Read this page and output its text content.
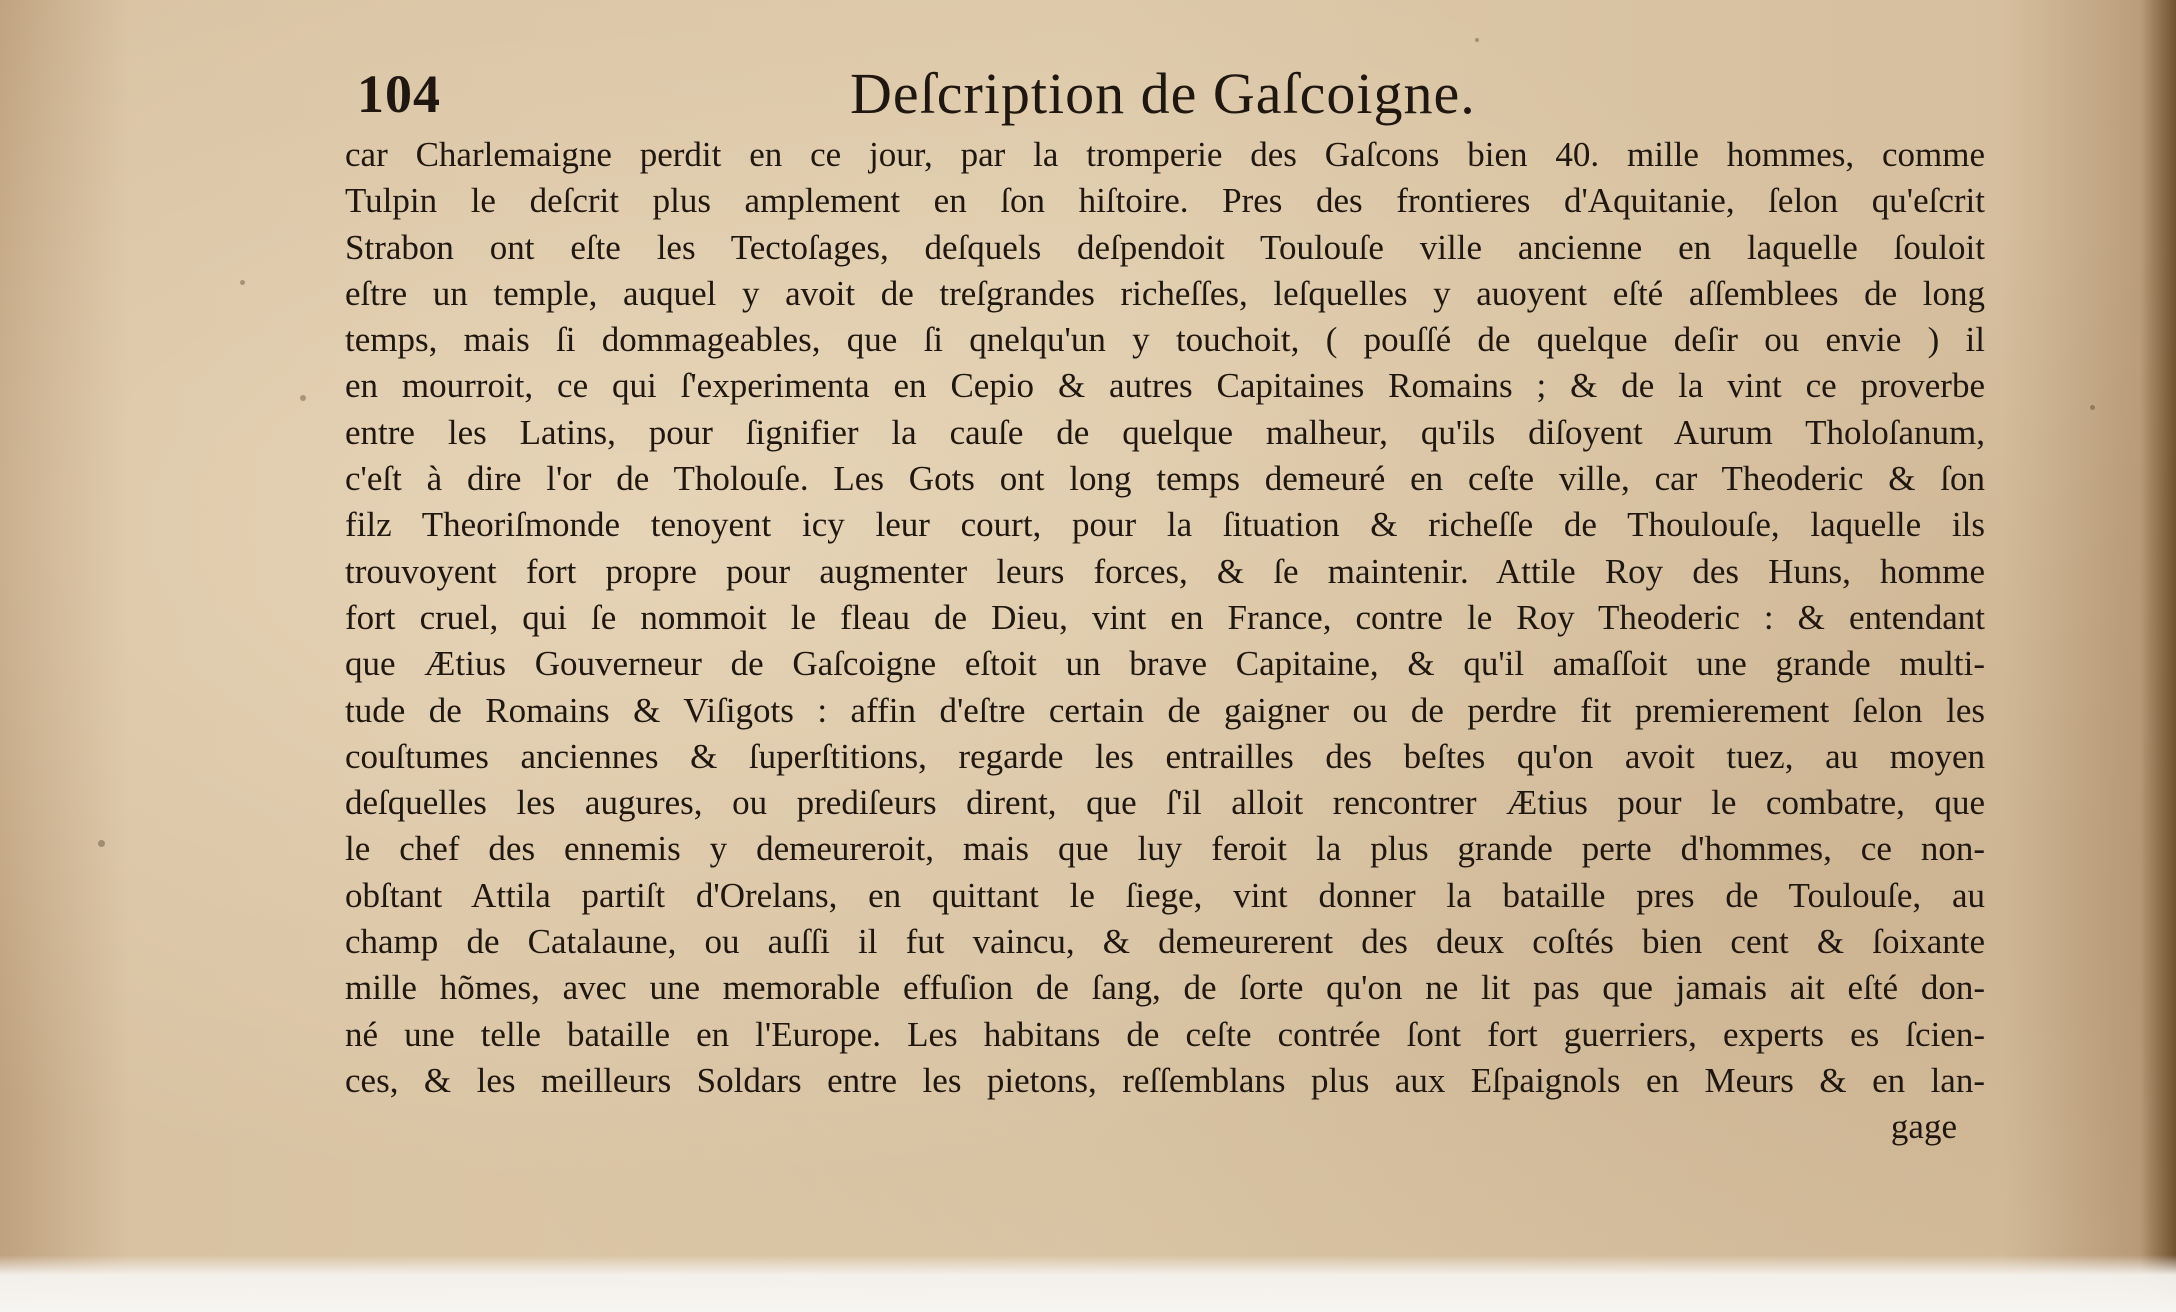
104	Deſcription de Gaſcoigne.
car Charlemaigne perdit en ce jour, par la tromperie des Gaſcons bien 40. mille hommes, comme
Tulpin le deſcrit plus amplement en ſon hiſtoire. Pres des frontieres d'Aquitanie, ſelon qu'eſcrit
Strabon ont eſte les Tectoſages, deſquels deſpendoit Toulouſe ville ancienne en laquelle ſouloit
eſtre un temple, auquel y avoit de treſgrandes richeſſes, leſquelles y auoyent eſté aſſemblees de long
temps, mais ſi dommageables, que ſi qnelqu'un y touchoit, ( pouſſé de quelque deſir ou envie ) il
en mourroit, ce qui ſ'experimenta en Cepio & autres Capitaines Romains ; & de la vint ce proverbe
entre les Latins, pour ſignifier la cauſe de quelque malheur, qu'ils diſoyent Aurum Tholoſanum,
c'eſt à dire l'or de Tholouſe. Les Gots ont long temps demeuré en ceſte ville, car Theoderic & ſon
filz Theoriſmonde tenoyent icy leur court, pour la ſituation & richeſſe de Thoulouſe, laquelle ils
trouvoyent fort propre pour augmenter leurs forces, & ſe maintenir. Attile Roy des Huns, homme
fort cruel, qui ſe nommoit le fleau de Dieu, vint en France, contre le Roy Theoderic : & entendant
que Ætius Gouverneur de Gaſcoigne eſtoit un brave Capitaine, & qu'il amaſſoit une grande multi-
tude de Romains & Viſigots : affin d'eſtre certain de gaigner ou de perdre fit premierement ſelon les
couſtumes anciennes & ſuperſtitions, regarde les entrailles des beſtes qu'on avoit tuez, au moyen
deſquelles les augures, ou prediſeurs dirent, que ſ'il alloit rencontrer Ætius pour le combatre, que
le chef des ennemis y demeureroit, mais que luy feroit la plus grande perte d'hommes, ce non-
obſtant Attila partiſt d'Orelans, en quittant le ſiege, vint donner la bataille pres de Toulouſe, au
champ de Catalaune, ou auſſi il fut vaincu, & demeurerent des deux coſtés bien cent & ſoixante
mille hõmes, avec une memorable effuſion de ſang, de ſorte qu'on ne lit pas que jamais ait eſté don-
né une telle bataille en l'Europe. Les habitans de ceſte contrée ſont fort guerriers, experts es ſcien-
ces, & les meilleurs Soldars entre les pietons, reſſemblans plus aux Eſpaignols en Meurs & en lan-
gage
